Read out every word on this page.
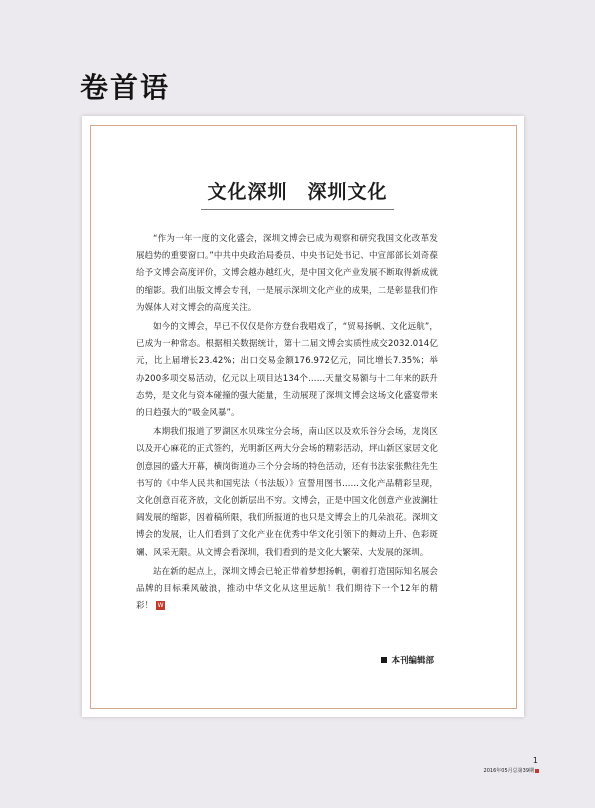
卷首语
文化深圳　深圳文化

“作为一年一度的文化盛会，深圳文博会已成为观察和研究我国文化改革发展趋势的重要窗口。”中共中央政治局委员、中央书记处书记、中宣部部长刘奇葆给予文博会高度评价，文博会越办越红火，是中国文化产业发展不断取得新成就的缩影。我们出版文博会专刊，一是展示深圳文化产业的成果，二是彰显我们作为媒体人对文博会的高度关注。

如今的文博会，早已不仅仅是你方登台我唱戏了，“贸易扬帆、文化远航”，已成为一种常态。根据相关数据统计，第十二届文博会实质性成交2032.014亿元，比上届增长23.42%；出口交易金额176.972亿元，同比增长7.35%；举办200多项交易活动，亿元以上项目达134个……天量交易额与十二年来的跃升态势，是文化与资本碰撞的强大能量，生动展现了深圳文博会这场文化盛宴带来的日趋强大的“吸金风暴”。

本期我们报道了罗湖区水贝珠宝分会场，南山区以及欢乐谷分会场，龙岗区以及开心麻花的正式签约，光明新区两大分会场的精彩活动，坪山新区家居文化创意园的盛大开幕，横岗街道办三个分会场的特色活动，还有书法家张勲往先生书写的《中华人民共和国宪法（书法版）》宣誓用图书……文化产品精彩呈现，文化创意百花齐放，文化创新层出不穷。文博会，正是中国文化创意产业波澜壮阔发展的缩影，因着稿所限，我们所报道的也只是文博会上的几朵浪花。深圳文博会的发展，让人们看到了文化产业在优秀中华文化引领下的舞动上升、色彩斑斓、风采无限。从文博会看深圳，我们看到的是文化大繁荣、大发展的深圳。

站在新的起点上，深圳文博会已轮正带着梦想扬帆，朝着打造国际知名展会品牌的目标乘风破浪，推动中华文化从这里远航！我们期待下一个12年的精彩！ W

本刊编辑部
1
2016年05月总第39期
